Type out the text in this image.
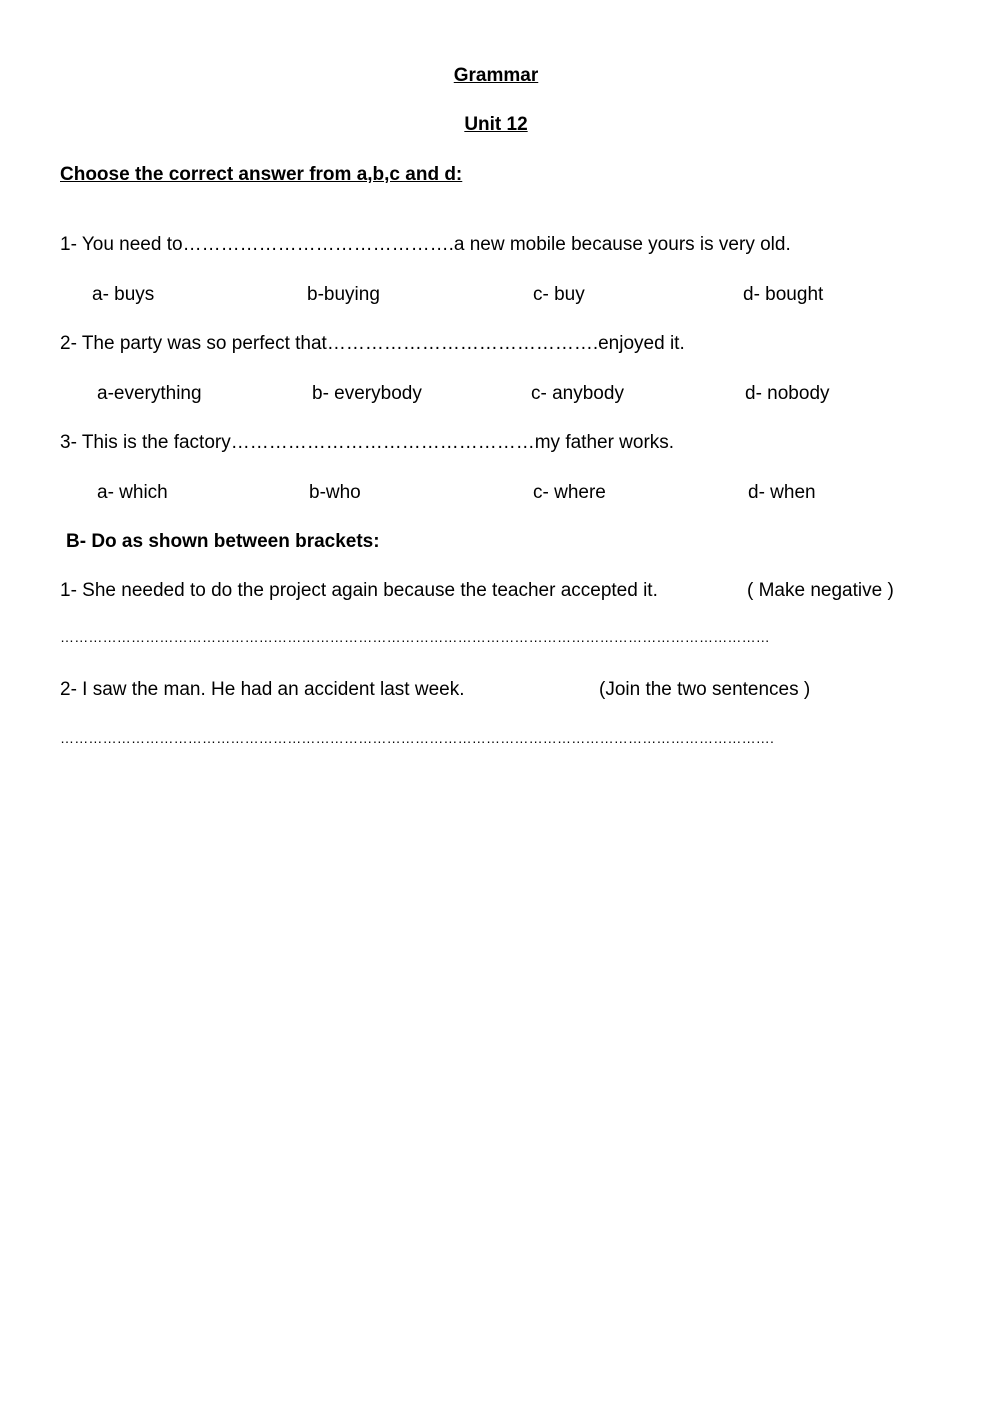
Grammar
Unit 12
Choose the correct answer from a,b,c and d:
1- You need to…………………………………….a new mobile because yours is very old.
a- buys	b-buying	c- buy	d- bought
2- The party was so perfect that…………………………………….enjoyed it.
a-everything	b- everybody	c- anybody	d- nobody
3- This is the factory…………………………………………my father works.
a- which	b-who	c- where	d- when
B- Do as shown between brackets:
1- She needed to do the project again because the teacher accepted it.	( Make negative )
……………………………………………………………………………………………………………………………………
2- I saw the man. He had an accident last week.	(Join the two sentences )
…………………………………………………………………………………………………………………………………….
